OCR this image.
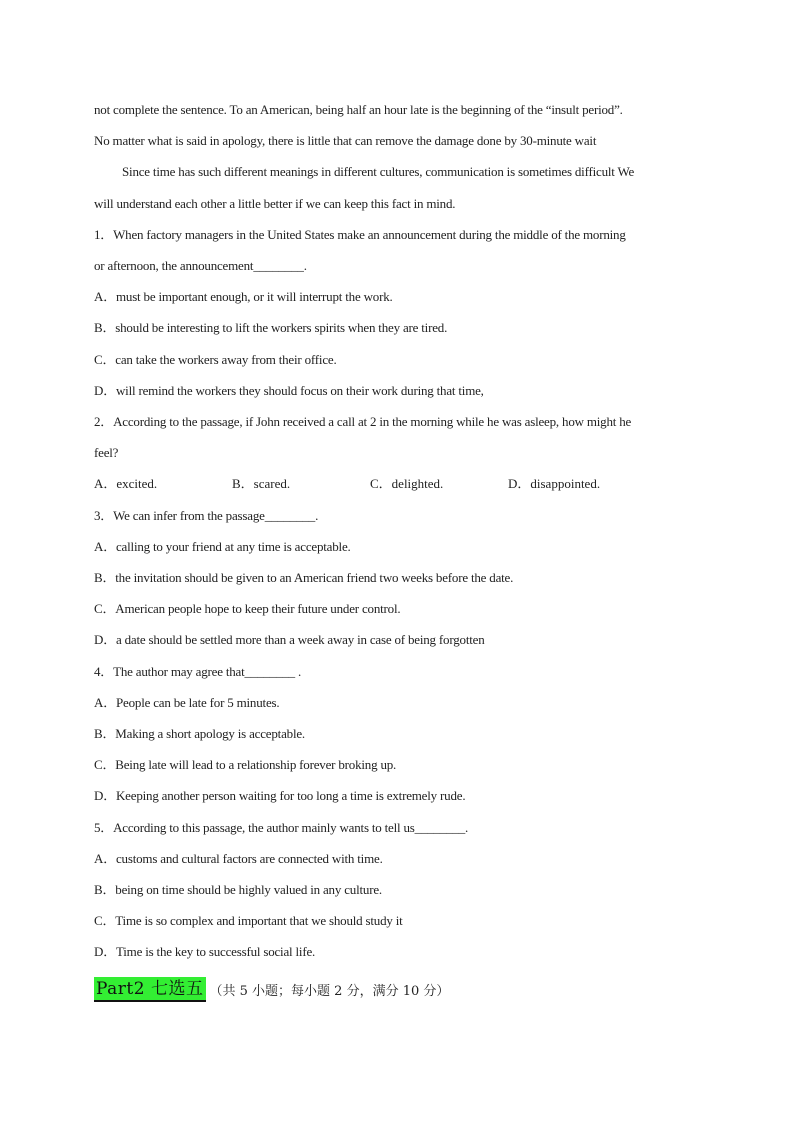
not complete the sentence. To an American, being half an hour late is the beginning of the “insult period”.
No matter what is said in apology, there is little that can remove the damage done by 30-minute wait
Since time has such different meanings in different cultures, communication is sometimes difficult We
will understand each other a little better if we can keep this fact in mind.
1．When factory managers in the United States make an announcement during the middle of the morning
or afternoon, the announcement________.
A．must be important enough, or it will interrupt the work.
B．should be interesting to lift the workers spirits when they are tired.
C．can take the workers away from their office.
D．will remind the workers they should focus on their work during that time,
2．According to the passage, if John received a call at 2 in the morning while he was asleep, how might he
feel?
A．excited.	B．scared.	C．delighted.	D．disappointed.
3．We can infer from the passage________.
A．calling to your friend at any time is acceptable.
B．the invitation should be given to an American friend two weeks before the date.
C．American people hope to keep their future under control.
D．a date should be settled more than a week away in case of being forgotten
4．The author may agree that________ .
A．People can be late for 5 minutes.
B．Making a short apology is acceptable.
C．Being late will lead to a relationship forever broking up.
D．Keeping another person waiting for too long a time is extremely rude.
5．According to this passage, the author mainly wants to tell us________.
A．customs and cultural factors are connected with time.
B．being on time should be highly valued in any culture.
C．Time is so complex and important that we should study it
D．Time is the key to successful social life.
Part2 七选五 （共 5 小题；每小题 2 分，满分 10 分）
